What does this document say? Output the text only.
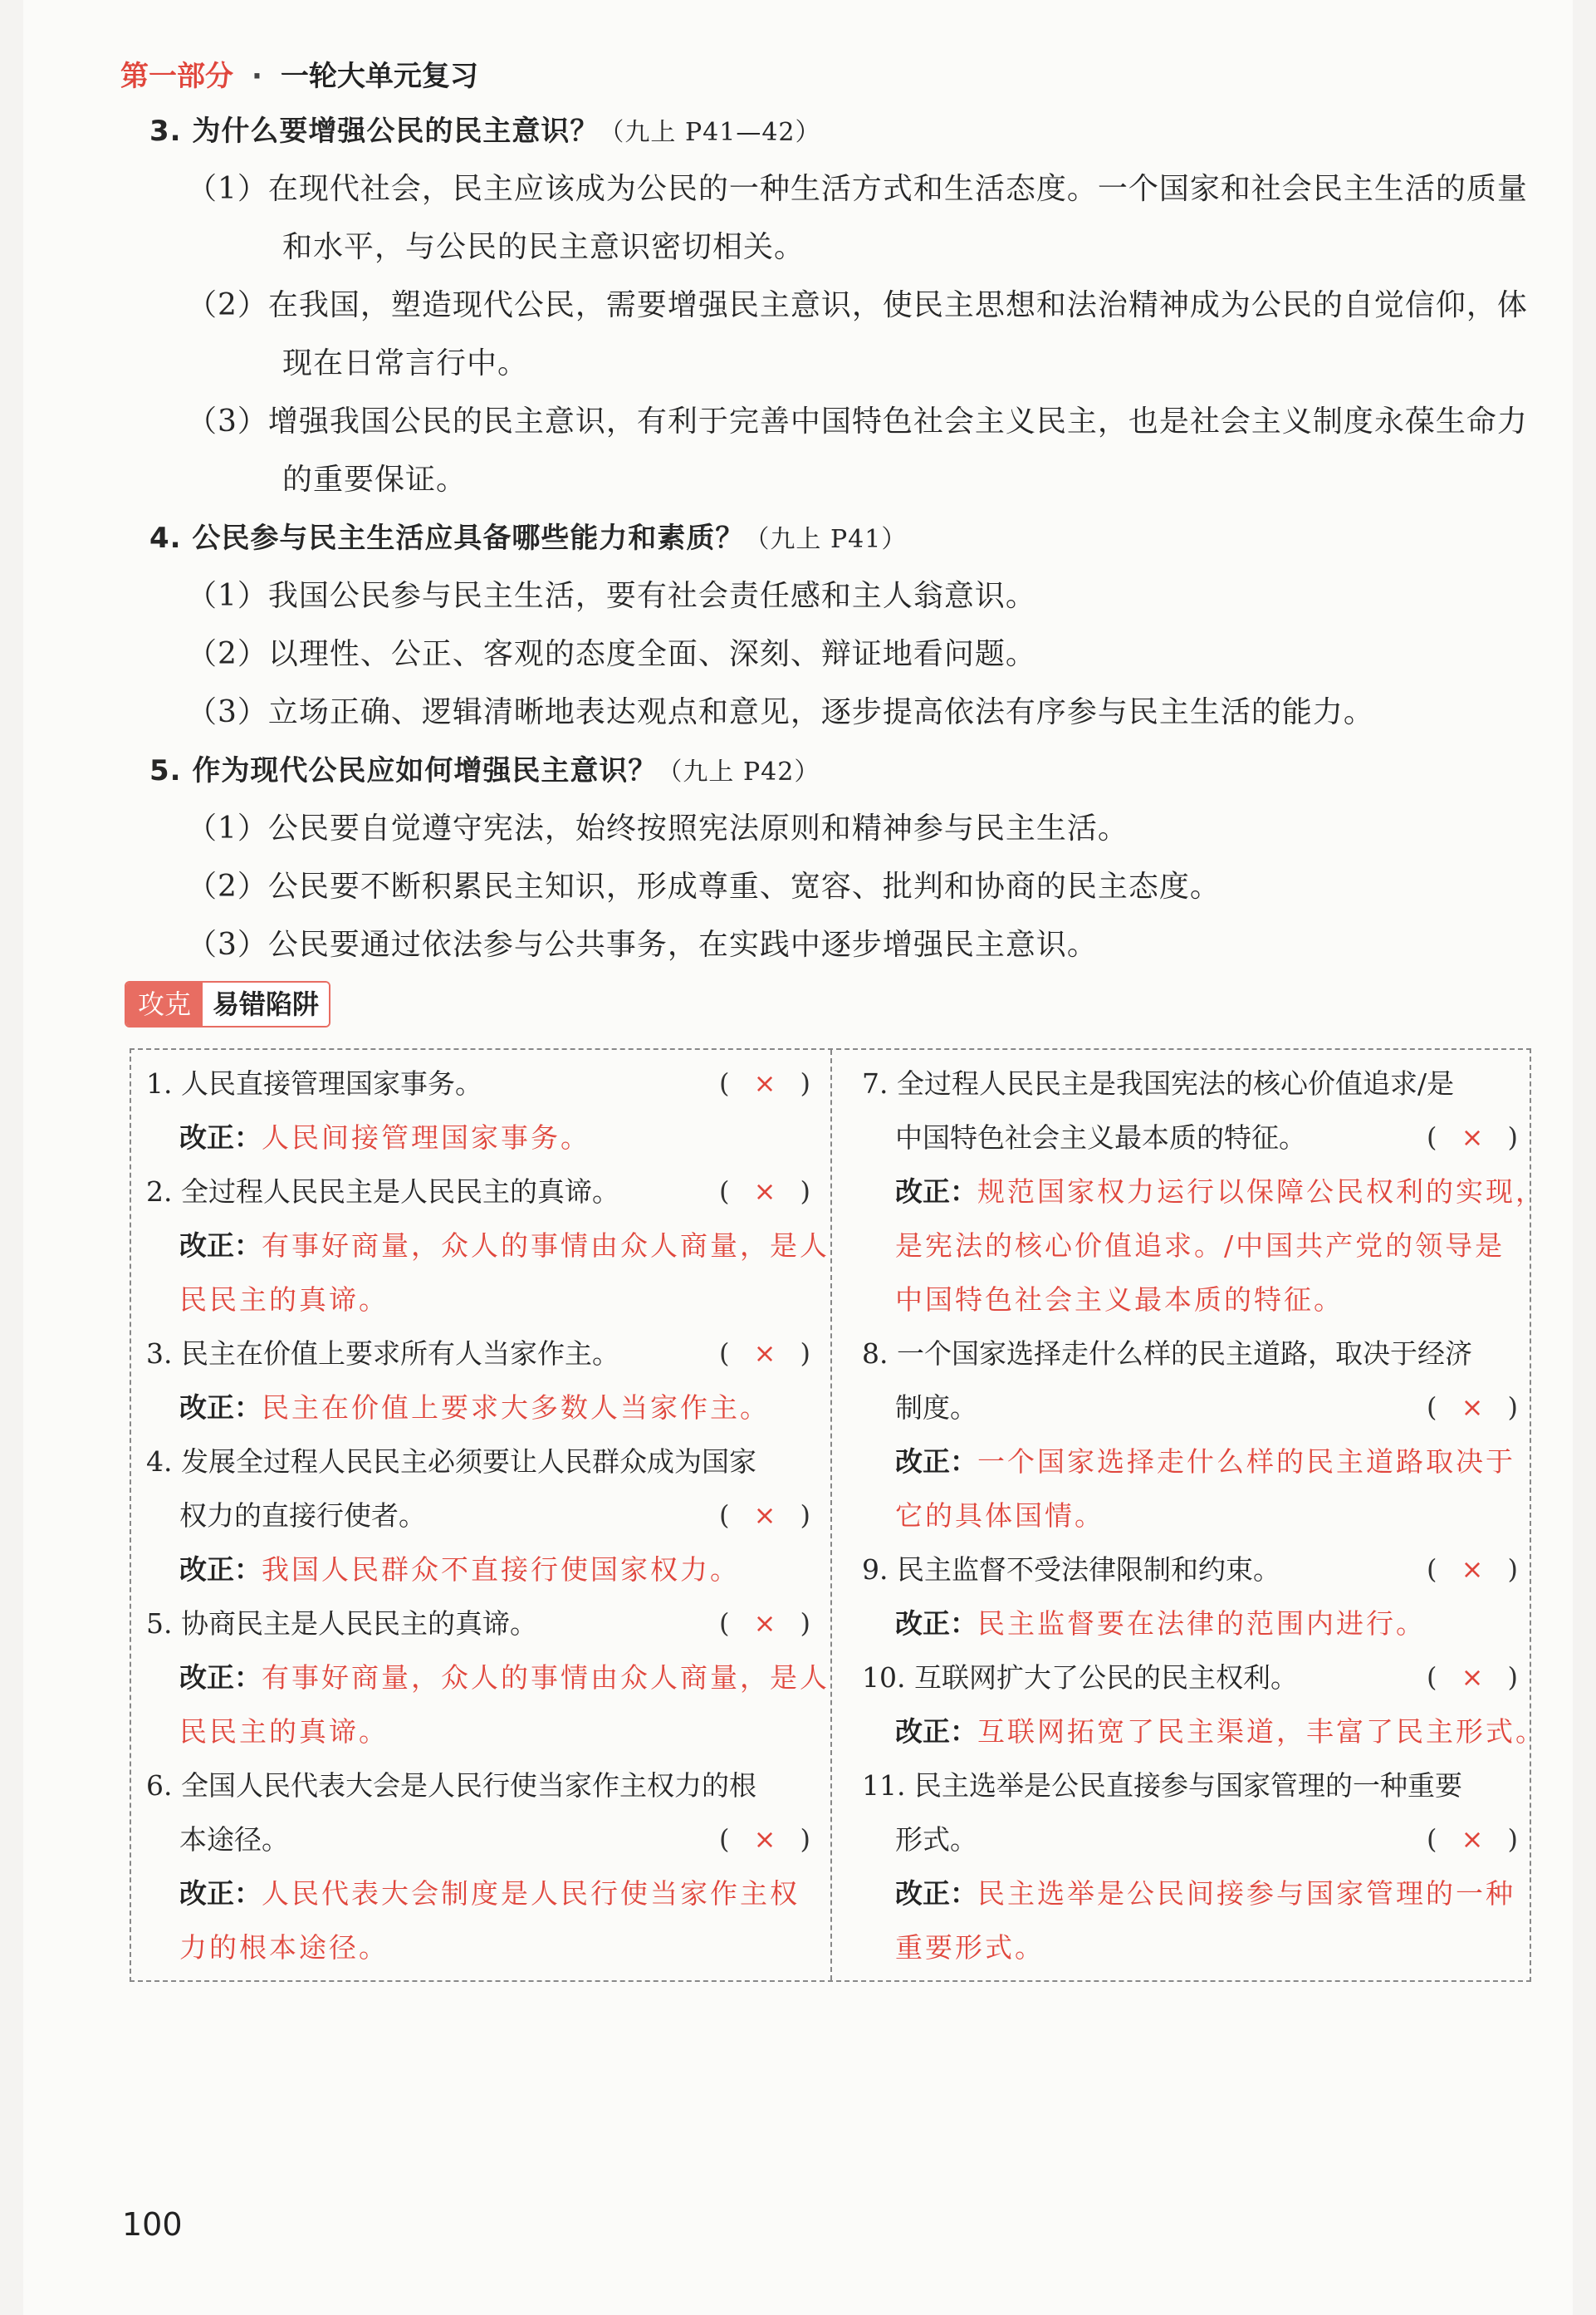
第一部分 · 一轮大单元复习
3. 为什么要增强公民的民主意识？（九上 P41—42）
（1）在现代社会，民主应该成为公民的一种生活方式和生活态度。一个国家和社会民主生活的质量和水平，与公民的民主意识密切相关。
（2）在我国，塑造现代公民，需要增强民主意识，使民主思想和法治精神成为公民的自觉信仰，体现在日常言行中。
（3）增强我国公民的民主意识，有利于完善中国特色社会主义民主，也是社会主义制度永葆生命力的重要保证。
4. 公民参与民主生活应具备哪些能力和素质？（九上 P41）
（1）我国公民参与民主生活，要有社会责任感和主人翁意识。
（2）以理性、公正、客观的态度全面、深刻、辩证地看问题。
（3）立场正确、逻辑清晰地表达观点和意见，逐步提高依法有序参与民主生活的能力。
5. 作为现代公民应如何增强民主意识？（九上 P42）
（1）公民要自觉遵守宪法，始终按照宪法原则和精神参与民主生活。
（2）公民要不断积累民主知识，形成尊重、宽容、批判和协商的民主态度。
（3）公民要通过依法参与公共事务，在实践中逐步增强民主意识。
攻克 易错陷阱
1. 人民直接管理国家事务。	( × )
改正：人民间接管理国家事务。
2. 全过程人民民主是人民民主的真谛。	( × )
改正：有事好商量，众人的事情由众人商量，是人
民民主的真谛。
3. 民主在价值上要求所有人当家作主。	( × )
改正：民主在价值上要求大多数人当家作主。
4. 发展全过程人民民主必须要让人民群众成为国家
权力的直接行使者。	( × )
改正：我国人民群众不直接行使国家权力。
5. 协商民主是人民民主的真谛。	( × )
改正：有事好商量，众人的事情由众人商量，是人
民民主的真谛。
6. 全国人民代表大会是人民行使当家作主权力的根
本途径。	( × )
改正：人民代表大会制度是人民行使当家作主权
力的根本途径。
7. 全过程人民民主是我国宪法的核心价值追求/是
中国特色社会主义最本质的特征。	( × )
改正：规范国家权力运行以保障公民权利的实现，
是宪法的核心价值追求。/中国共产党的领导是
中国特色社会主义最本质的特征。
8. 一个国家选择走什么样的民主道路，取决于经济
制度。	( × )
改正：一个国家选择走什么样的民主道路取决于
它的具体国情。
9. 民主监督不受法律限制和约束。	( × )
改正：民主监督要在法律的范围内进行。
10. 互联网扩大了公民的民主权利。	( × )
改正：互联网拓宽了民主渠道，丰富了民主形式。
11. 民主选举是公民直接参与国家管理的一种重要
形式。	( × )
改正：民主选举是公民间接参与国家管理的一种
重要形式。
100
